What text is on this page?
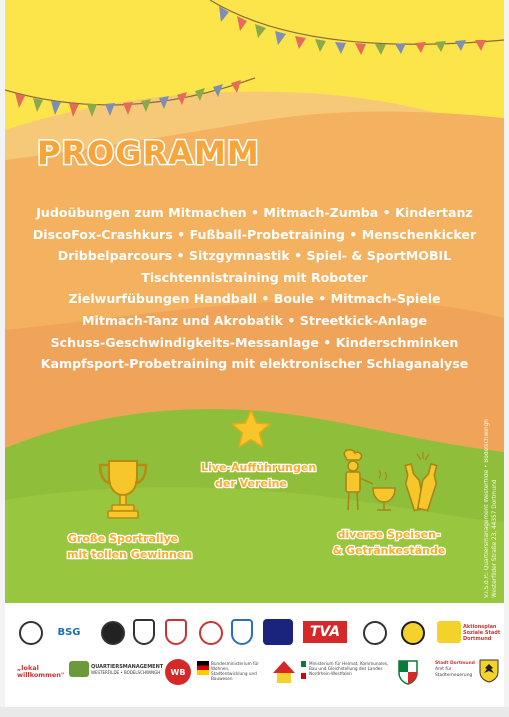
PROGRAMM
Judoübungen zum Mitmachen • Mitmach-Zumba • Kindertanz
DiscoFox-Crashkurs • Fußball-Probetraining • Menschenkicker
Dribbelparcours • Sitzgymnastik • Spiel- & SportMOBIL
Tischtennistraining mit Roboter
Zielwurfübungen Handball • Boule • Mitmach-Spiele
Mitmach-Tanz und Akrobatik • Streetkick-Anlage
Schuss-Geschwindigkeits-Messanlage • Kinderschminken
Kampfsport-Probetraining mit elektronischer Schlaganalyse
Live-Aufführungen
der Vereine
Große Sportrallye
mit tollen Gewinnen
diverse Speisen-
& Getränkestände	V.i.S.d.P.: Quartiersmanagement Westerfilde • Bodelschwingh Westerfilder Straße 23, 44357 Dortmund
BSG	TVA	Aktionsplan
Soziale Stadt
Dortmund
„lokal
willkommen"
QUARTIERSMANAGEMENT
WESTERFILDE • BODELSCHWINGH WB
Bundesministerium für Wohnen, Stadtentwicklung und Bauwesen
Ministerium für Heimat, Kommunales, Bau und Gleichstellung des Landes Nordrhein-Westfalen
Stadt Dortmund
Amt für Stadterneuerung
